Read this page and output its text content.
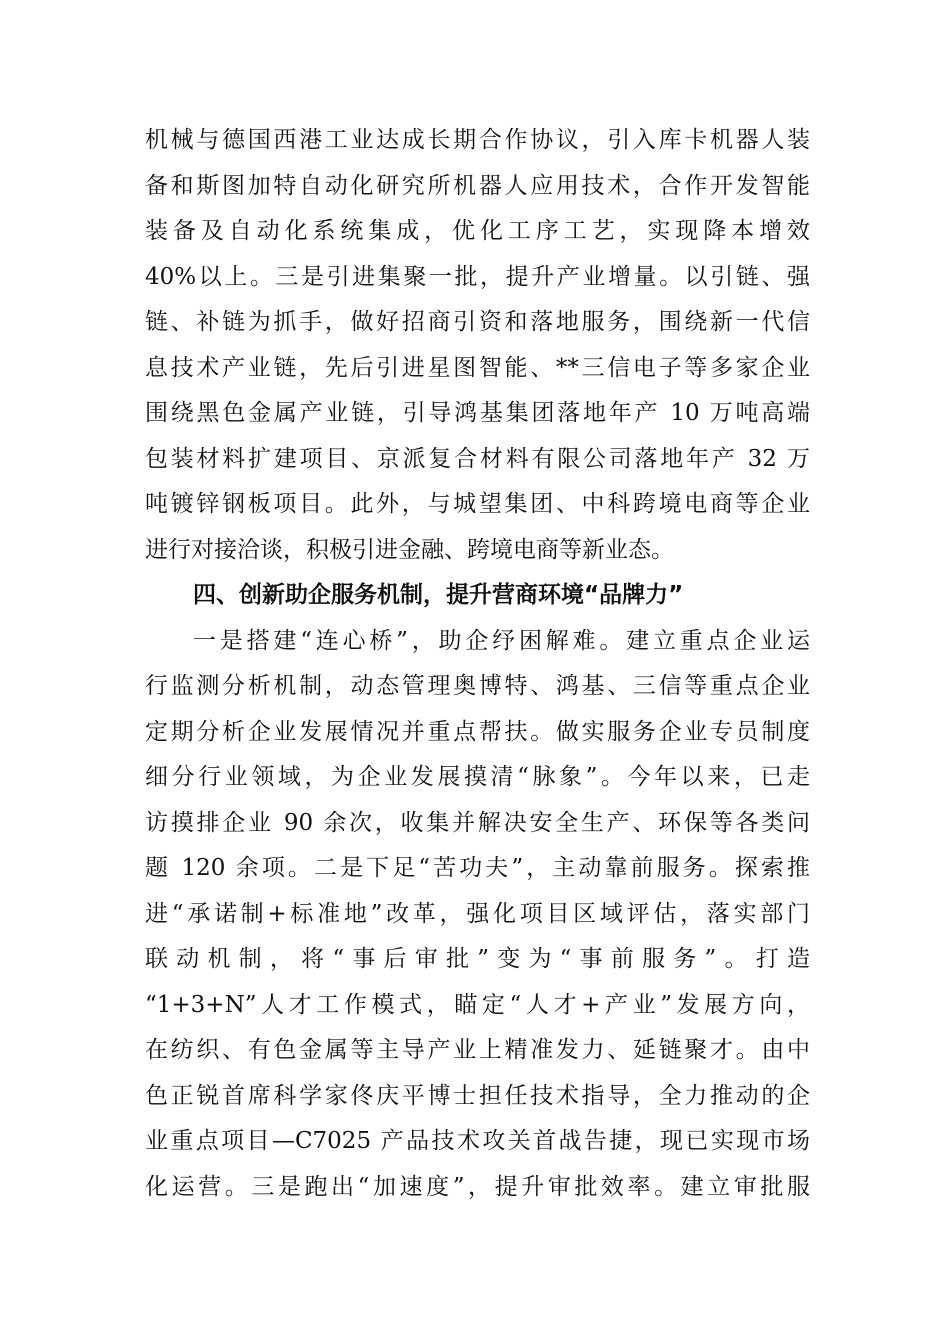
机械与德国西港工业达成长期合作协议，引入库卡机器人装
备和斯图加特自动化研究所机器人应用技术，合作开发智能
装备及自动化系统集成，优化工序工艺，实现降本增效
40%以上。三是引进集聚一批，提升产业增量。以引链、强
链、补链为抓手，做好招商引资和落地服务，围绕新一代信
息技术产业链，先后引进星图智能、**三信电子等多家企业
围绕黑色金属产业链，引导鸿基集团落地年产 10 万吨高端
包装材料扩建项目、京派复合材料有限公司落地年产 32 万
吨镀锌钢板项目。此外，与城望集团、中科跨境电商等企业
进行对接洽谈，积极引进金融、跨境电商等新业态。
四、创新助企服务机制，提升营商环境“品牌力”
一是搭建“连心桥”，助企纾困解难。建立重点企业运
行监测分析机制，动态管理奥博特、鸿基、三信等重点企业
定期分析企业发展情况并重点帮扶。做实服务企业专员制度
细分行业领域，为企业发展摸清“脉象”。今年以来，已走
访摸排企业 90 余次，收集并解决安全生产、环保等各类问
题 120 余项。二是下足“苦功夫”，主动靠前服务。探索推
进“承诺制+标准地”改革，强化项目区域评估，落实部门
联动机制，将“事后审批”变为“事前服务”。打造
“1+3+N”人才工作模式，瞄定“人才+产业”发展方向，
在纺织、有色金属等主导产业上精准发力、延链聚才。由中
色正锐首席科学家佟庆平博士担任技术指导，全力推动的企
业重点项目—C7025 产品技术攻关首战告捷，现已实现市场
化运营。三是跑出“加速度”，提升审批效率。建立审批服
